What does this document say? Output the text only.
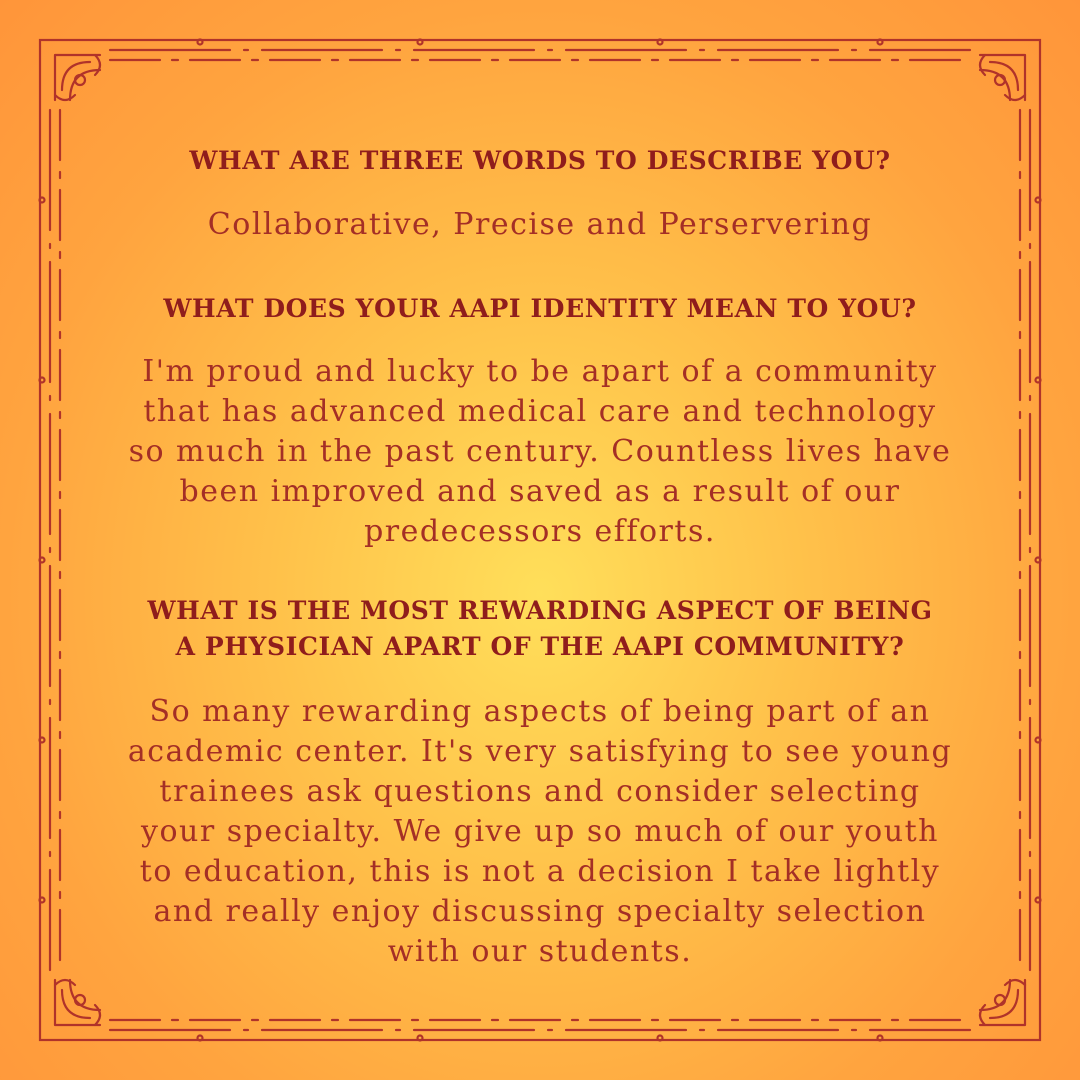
WHAT ARE THREE WORDS TO DESCRIBE YOU?

Collaborative, Precise and Perservering

WHAT DOES YOUR AAPI IDENTITY MEAN TO YOU?

I'm proud and lucky to be apart of a community

that has advanced medical care and technology

so much in the past century. Countless lives have

been improved and saved as a result of our

predecessors efforts.

WHAT IS THE MOST REWARDING ASPECT OF BEING
A PHYSICIAN APART OF THE AAPI COMMUNITY?

So many rewarding aspects of being part of an

academic center. It's very satisfying to see young

trainees ask questions and consider selecting

your specialty. We give up so much of our youth

to education, this is not a decision I take lightly

and really enjoy discussing specialty selection

with our students.
